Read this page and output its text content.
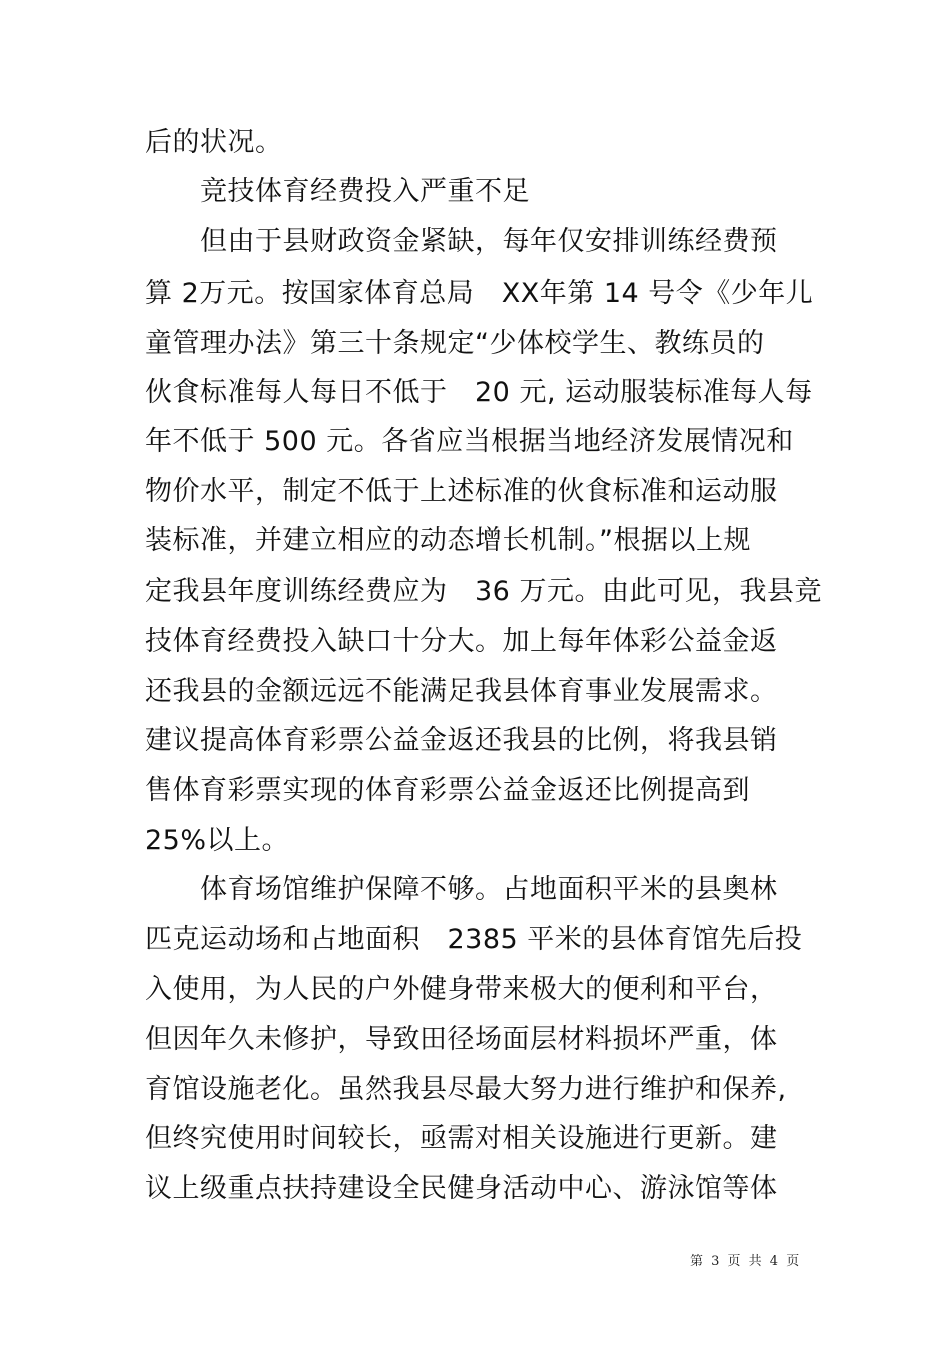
后的状况。
竞技体育经费投入严重不足
但由于县财政资金紧缺，每年仅安排训练经费预
算 2万元。按国家体育总局　XX年第 14 号令《少年儿
童管理办法》第三十条规定“少体校学生、教练员的
伙食标准每人每日不低于　20 元, 运动服装标准每人每
年不低于 500 元。各省应当根据当地经济发展情况和
物价水平，制定不低于上述标准的伙食标准和运动服
装标准，并建立相应的动态增长机制。”根据以上规
定我县年度训练经费应为　36 万元。由此可见，我县竞
技体育经费投入缺口十分大。加上每年体彩公益金返
还我县的金额远远不能满足我县体育事业发展需求。
建议提高体育彩票公益金返还我县的比例，将我县销
售体育彩票实现的体育彩票公益金返还比例提高到
25%以上。
体育场馆维护保障不够。占地面积平米的县奥林
匹克运动场和占地面积　2385 平米的县体育馆先后投
入使用，为人民的户外健身带来极大的便利和平台，
但因年久未修护，导致田径场面层材料损坏严重，体
育馆设施老化。虽然我县尽最大努力进行维护和保养,
但终究使用时间较长，亟需对相关设施进行更新。建
议上级重点扶持建设全民健身活动中心、游泳馆等体
第 3 页 共 4 页
